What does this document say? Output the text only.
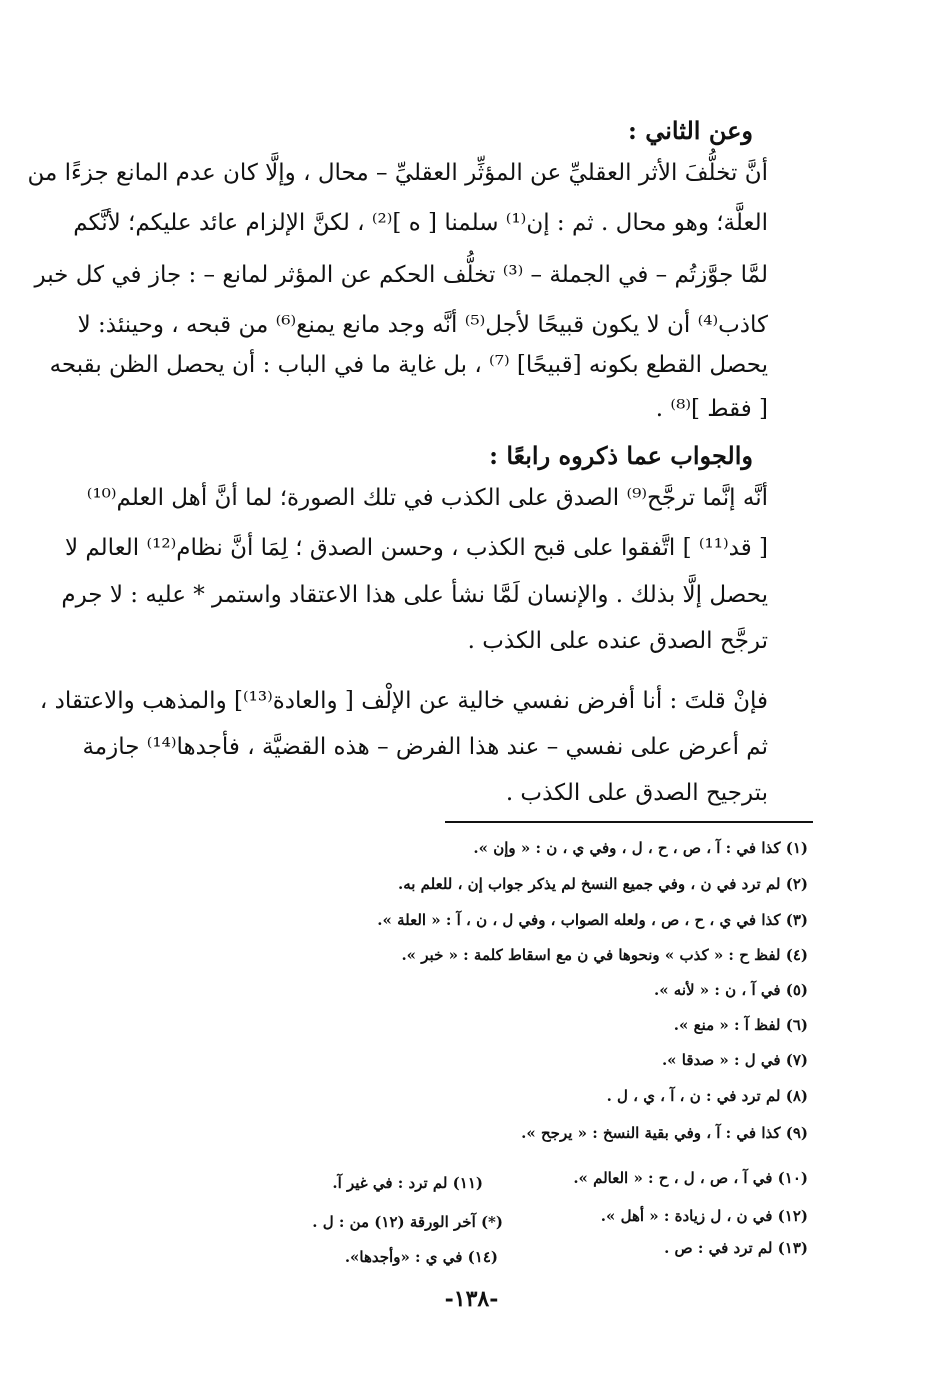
وعن الثاني :
أنَّ تخلُّفَ الأثر العقليِّ عن المؤثِّر العقليِّ – محال ، وإلَّا كان عدم المانع جزءًا من
العلَّة؛ وهو محال . ثم : إن⁽¹⁾ سلمنا [ ه ]⁽²⁾ ، لكنَّ الإلزام عائد عليكم؛ لأنَّكم
لمَّا جوَّزتُم – في الجملة – ⁽³⁾ تخلُّف الحكم عن المؤثر لمانع – : جاز في كل خبر
كاذب⁽⁴⁾ أن لا يكون قبيحًا لأجل⁽⁵⁾ أنَّه وجد مانع يمنع⁽⁶⁾ من قبحه ، وحينئذ: لا
يحصل القطع بكونه [قبيحًا] ⁽⁷⁾ ، بل غاية ما في الباب : أن يحصل الظن بقبحه
[ فقط ]⁽⁸⁾ .
والجواب عما ذكروه رابعًا :
أنَّه إنَّما ترجَّح⁽⁹⁾ الصدق على الكذب في تلك الصورة؛ لما أنَّ أهل العلم⁽¹⁰⁾
[ قد⁽¹¹⁾ ] اتَّفقوا على قبح الكذب ، وحسن الصدق ؛ لِمَا أنَّ نظام⁽¹²⁾ العالم لا
يحصل إلَّا بذلك . والإنسان لَمَّا نشأ على هذا الاعتقاد واستمر * عليه : لا جرم
ترجَّح الصدق عنده على الكذب .
فإنْ قلتَ : أنا أفرض نفسي خالية عن الإلْف [ والعادة⁽¹³⁾] والمذهب والاعتقاد ،
ثم أعرض على نفسي – عند هذا الفرض – هذه القضيَّة ، فأجدها⁽¹⁴⁾ جازمة
بترجيح الصدق على الكذب .
(١) كذا في : آ ، ص ، ح ، ل ، وفي ي ، ن : « وإن ».
(٢) لم ترد في ن ، وفي جميع النسخ لم يذكر جواب إن ، للعلم به.
(٣) كذا في ي ، ح ، ص ، ولعله الصواب ، وفي ل ، ن ، آ : « العلة ».
(٤) لفظ ح : « كذب » ونحوها في ن مع اسقاط كلمة : « خبر ».
(٥) في آ ، ن : « لأنه ».
(٦) لفظ آ : « منع ».
(٧) في ل : « صدقا ».
(٨) لم ترد في : ن ، آ ، ي ، ل .
(٩) كذا في : آ ، وفي بقية النسخ : « يرجح ».
(١٠) في آ ، ص ، ل ، ح : « العالم ».
(١٢) في ن ، ل زيادة : « أهل ».
(١٣) لم ترد في : ص .
(١١) لم ترد : في غير آ.
(*) آخر الورقة (١٢) من : ل .
(١٤) في ي : «وأجدها».
-١٣٨-
